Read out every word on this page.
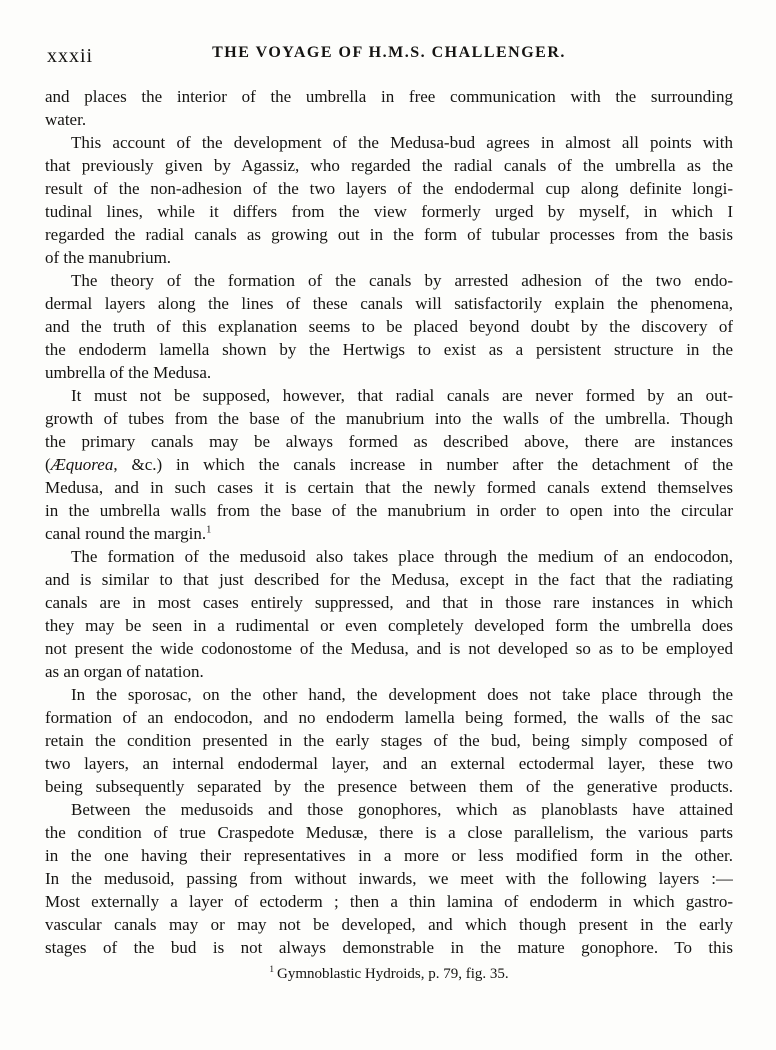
xxxii	THE VOYAGE OF H.M.S. CHALLENGER.
and places the interior of the umbrella in free communication with the surrounding
water.
This account of the development of the Medusa-bud agrees in almost all points with
that previously given by Agassiz, who regarded the radial canals of the umbrella as the
result of the non-adhesion of the two layers of the endodermal cup along definite longi-
tudinal lines, while it differs from the view formerly urged by myself, in which I
regarded the radial canals as growing out in the form of tubular processes from the basis
of the manubrium.
The theory of the formation of the canals by arrested adhesion of the two endo-
dermal layers along the lines of these canals will satisfactorily explain the phenomena,
and the truth of this explanation seems to be placed beyond doubt by the discovery of
the endoderm lamella shown by the Hertwigs to exist as a persistent structure in the
umbrella of the Medusa.
It must not be supposed, however, that radial canals are never formed by an out-
growth of tubes from the base of the manubrium into the walls of the umbrella. Though
the primary canals may be always formed as described above, there are instances
(Æquorea, &c.) in which the canals increase in number after the detachment of the
Medusa, and in such cases it is certain that the newly formed canals extend themselves
in the umbrella walls from the base of the manubrium in order to open into the circular
canal round the margin.$^1$
The formation of the medusoid also takes place through the medium of an endocodon,
and is similar to that just described for the Medusa, except in the fact that the radiating
canals are in most cases entirely suppressed, and that in those rare instances in which
they may be seen in a rudimental or even completely developed form the umbrella does
not present the wide codonostome of the Medusa, and is not developed so as to be employed
as an organ of natation.
In the sporosac, on the other hand, the development does not take place through the
formation of an endocodon, and no endoderm lamella being formed, the walls of the sac
retain the condition presented in the early stages of the bud, being simply composed of
two layers, an internal endodermal layer, and an external ectodermal layer, these two
being subsequently separated by the presence between them of the generative products.
Between the medusoids and those gonophores, which as planoblasts have attained
the condition of true Craspedote Medusæ, there is a close parallelism, the various parts
in the one having their representatives in a more or less modified form in the other.
In the medusoid, passing from without inwards, we meet with the following layers :—
Most externally a layer of ectoderm ; then a thin lamina of endoderm in which gastro-
vascular canals may or may not be developed, and which though present in the early
stages of the bud is not always demonstrable in the mature gonophore. To this
$^1$ Gymnoblastic Hydroids, p. 79, fig. 35.
